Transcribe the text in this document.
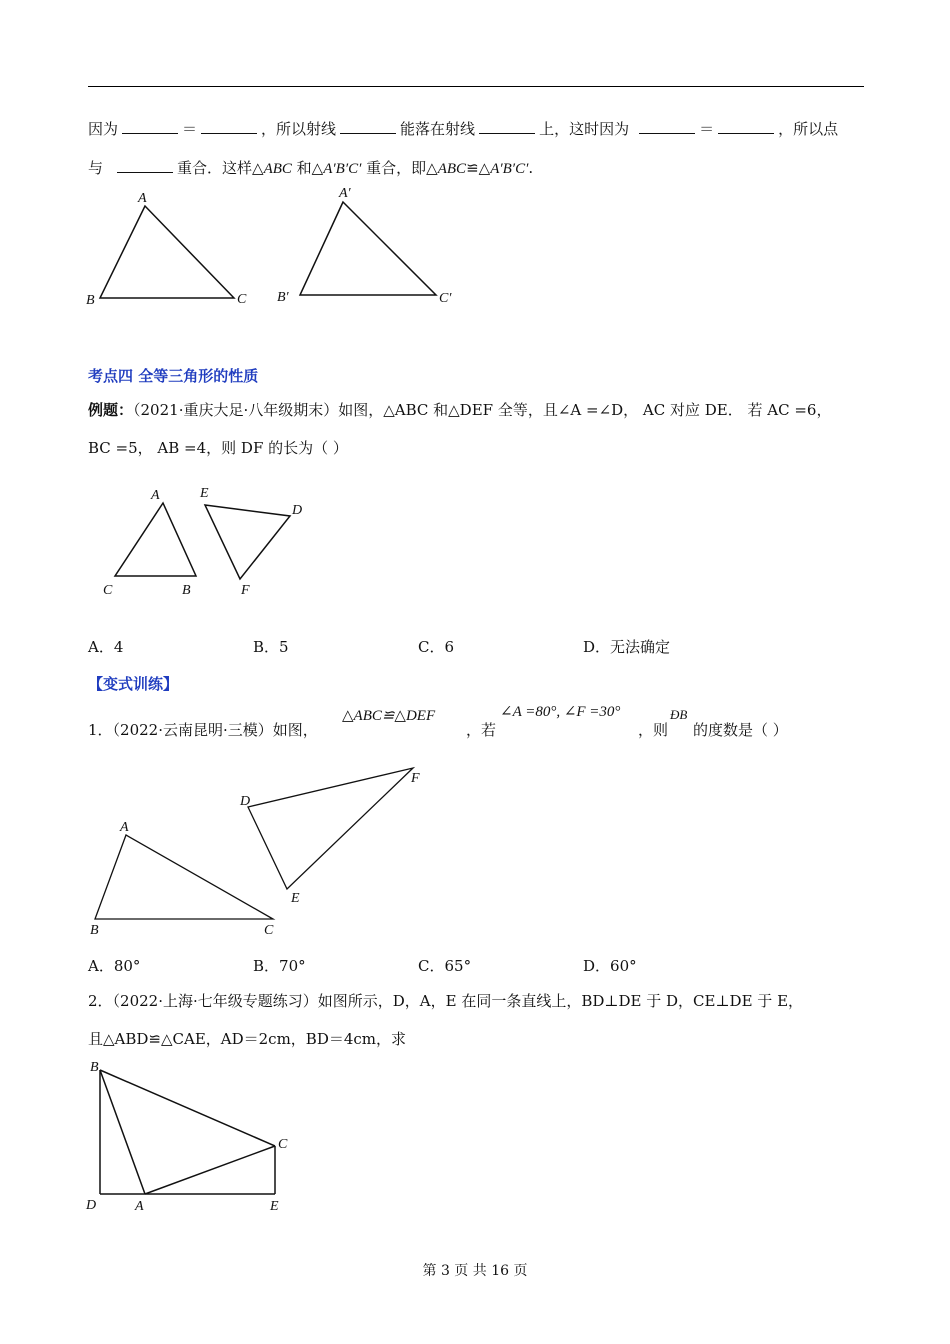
因为	＝	，所以射线	能落在射线	上，这时因为	＝	，所以点
与	重合．这样△ABC 和△A′B′C′ 重合，即△ABC≌△A′B′C′.
A
B	C
A′
B′	C′
考点四 全等三角形的性质
例题：（2021·重庆大足·八年级期末）如图，△ABC 和△DEF 全等，且∠A =∠D， AC 对应 DE． 若 AC =6，
BC =5， AB =4，则 DF 的长为（ ）
A
B
C
D
E
F
A．4	B．5	C．6	D．无法确定
【变式训练】
1．（2022·云南昆明·三模）如图，
△ABC≌△DEF
，若
∠A =80°, ∠F =30°
，则
ÐB
的度数是（ ）
A
B	C
D
E
F
A．80°	B．70°	C．65°	D．60°
2．（2022·上海·七年级专题练习）如图所示，D，A，E 在同一条直线上，BD⊥DE 于 D，CE⊥DE 于 E，
且△ABD≌△CAE，AD＝2cm，BD＝4cm，求
B
C
D	A	E
第 3 页 共 16 页
